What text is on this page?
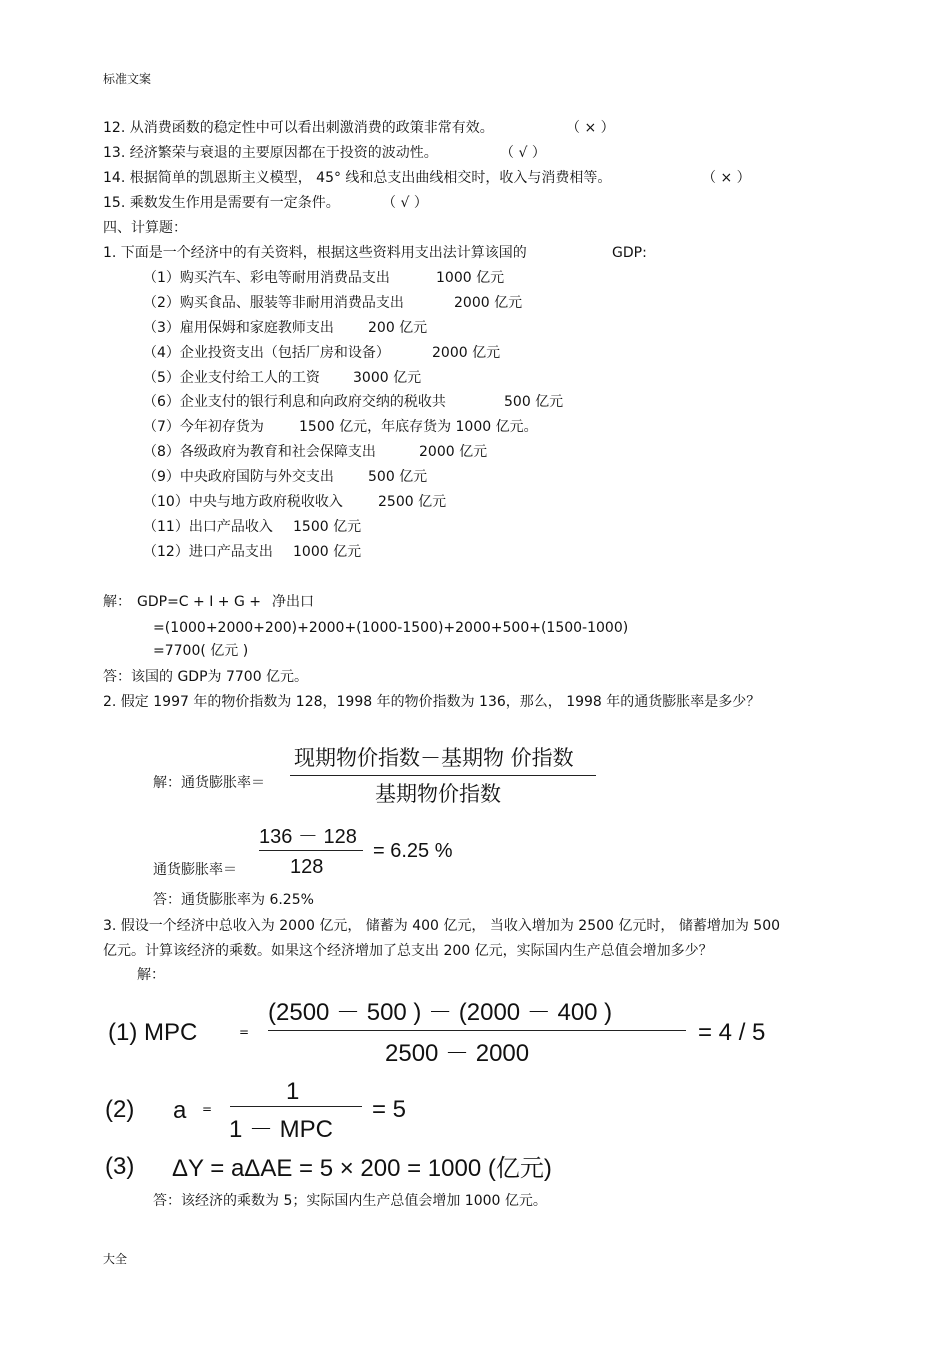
标准文案
12. 从消费函数的稳定性中可以看出刺激消费的政策非常有效。	（ × ）
13. 经济繁荣与衰退的主要原因都在于投资的波动性。	（ √ ）
14. 根据简单的凯恩斯主义模型， 45° 线和总支出曲线相交时，收入与消费相等。	（ × ）
15. 乘数发生作用是需要有一定条件。	（ √ ）
四、计算题：
1. 下面是一个经济中的有关资料，根据这些资料用支出法计算该国的	GDP:
（1）购买汽车、彩电等耐用消费品支出	1000 亿元
（2）购买食品、服装等非耐用消费品支出	2000 亿元
（3）雇用保姆和家庭教师支出 200 亿元
（4）企业投资支出（包括厂房和设备）	2000 亿元
（5）企业支付给工人的工资 3000 亿元
（6）企业支付的银行利息和向政府交纳的税收共	500 亿元
（7）今年初存货为	1500 亿元，年底存货为 1000 亿元。
（8）各级政府为教育和社会保障支出	2000 亿元
（9）中央政府国防与外交支出 500 亿元
（10）中央与地方政府税收收入	2500 亿元
（11）出口产品收入 1500 亿元
（12）进口产品支出 1000 亿元
解： GDP=C + I + G + 净出口
=(1000+2000+200)+2000+(1000-1500)+2000+500+(1500-1000)
=7700( 亿元 )
答：该国的 GDP为 7700 亿元。
2. 假定 1997 年的物价指数为 128，1998 年的物价指数为 136，那么， 1998 年的通货膨胀率是多少？
解：通货膨胀率＝
现期物价指数－基期物 价指数
基期物价指数
136 － 128
128
= 6.25 %
通货膨胀率＝
答：通货膨胀率为 6.25%
3. 假设一个经济中总收入为 2000 亿元， 储蓄为 400 亿元， 当收入增加为 2500 亿元时， 储蓄增加为 500
亿元。计算该经济的乘数。如果这个经济增加了总支出 200 亿元，实际国内生产总值会增加多少？
解：
(1) MPC	=
(2500 － 500 ) － (2000 － 400 )
2500 － 2000
= 4 / 5
(2) a =
1
1 － MPC
= 5
(3) ΔY = aΔAE = 5 × 200 = 1000 (亿元)
答：该经济的乘数为 5；实际国内生产总值会增加 1000 亿元。
大全
